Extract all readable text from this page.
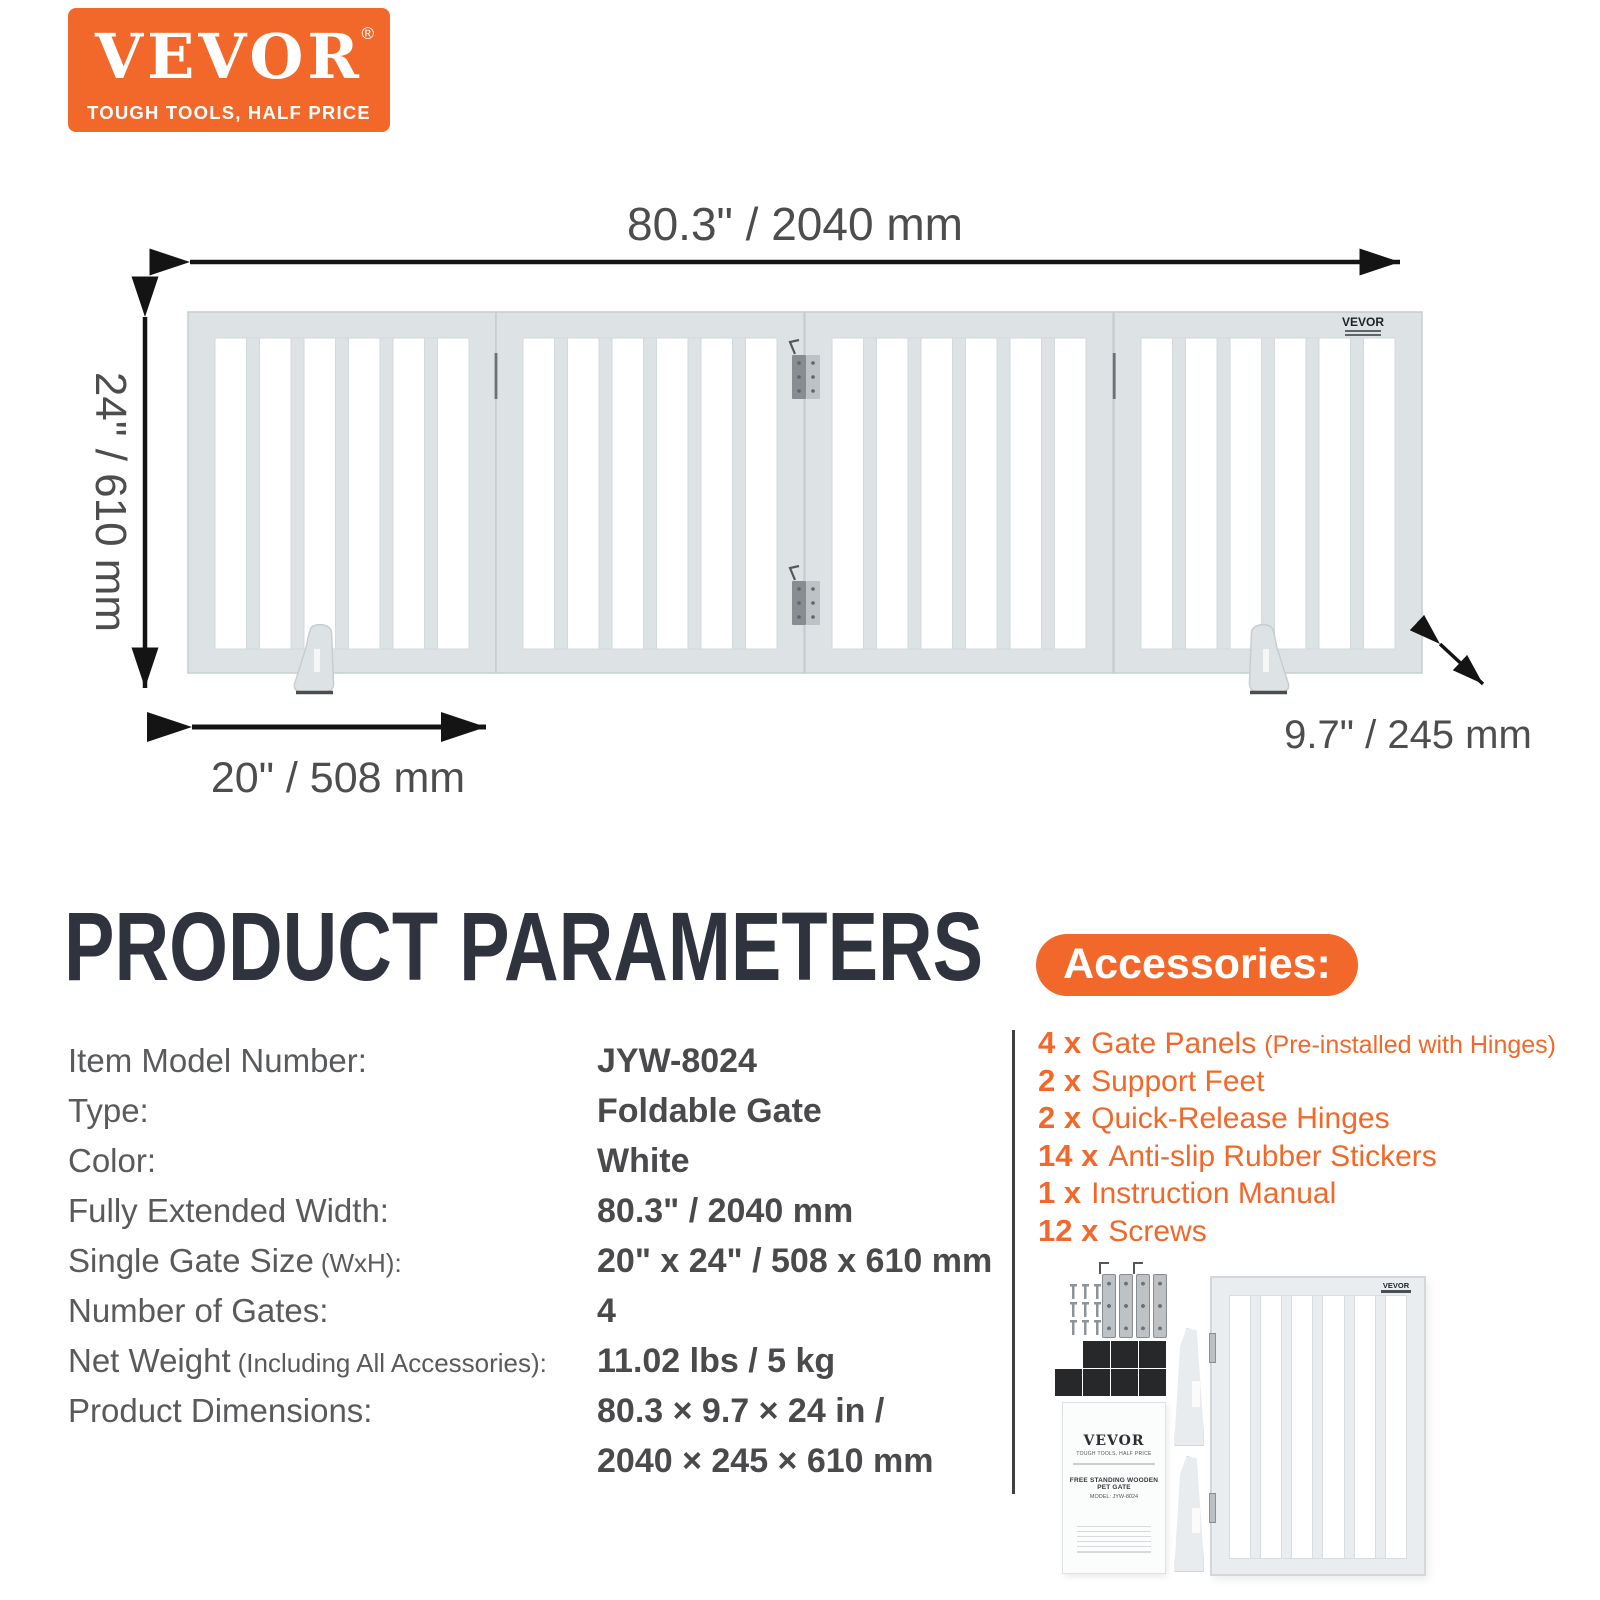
VEVOR
®
TOUGH TOOLS, HALF PRICE
80.3" / 2040 mm
24" / 610 mm
VEVOR
20" / 508 mm
9.7" / 245 mm
PRODUCT PARAMETERS
Item Model Number:	JYW-8024
Type:	Foldable Gate
Color:	White
Fully Extended Width:	80.3" / 2040 mm
Single Gate Size (WxH):	20" x 24" / 508 x 610 mm
Number of Gates:	4
Net Weight (Including All Accessories): 11.02 lbs / 5 kg
Product Dimensions:	80.3 × 9.7 × 24 in /
2040 × 245 × 610 mm
Accessories:
4 x Gate Panels (Pre-installed with Hinges)
2 x Support Feet
2 x Quick-Release Hinges
14 x Anti-slip Rubber Stickers
1 x Instruction Manual
12 x Screws
VEVOR
TOUGH TOOLS, HALF PRICE
FREE STANDING WOODEN PET GATE
MODEL: JYW-8024
VEVOR
